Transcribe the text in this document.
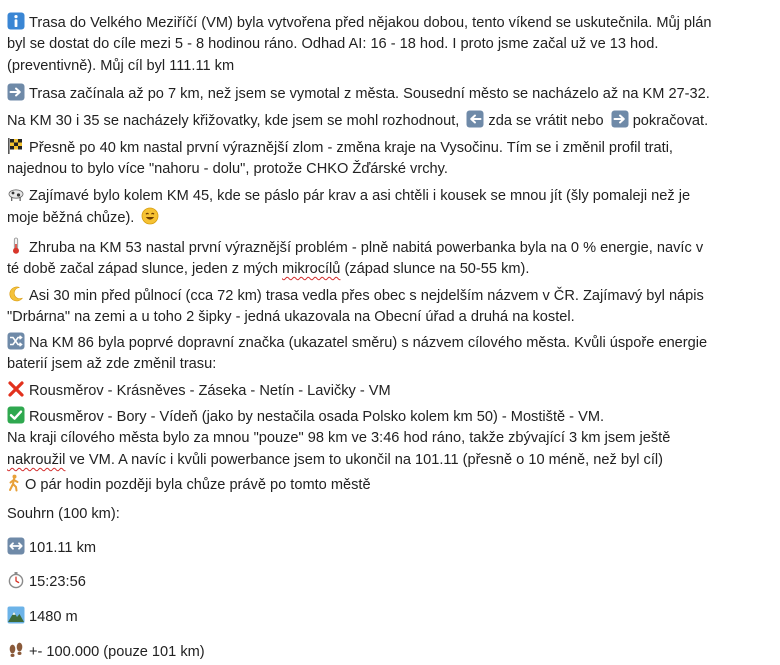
Trasa do Velkého Meziříčí (VM) byla vytvořena před nějakou dobou, tento víkend se uskutečnila. Můj plán
byl se dostat do cíle mezi 5 - 8 hodinou ráno. Odhad AI: 16 - 18 hod. I proto jsme začal už ve 13 hod.
(preventivně). Můj cíl byl 111.11 km
Trasa začínala až po 7 km, než jsem se vymotal z města. Sousední město se nacházelo až na KM 27-32.
Na KM 30 i 35 se nacházely křižovatky, kde jsem se mohl rozhodnout, zda se vrátit nebo pokračovat.
Přesně po 40 km nastal první výraznější zlom - změna kraje na Vysočinu. Tím se i změnil profil trati,
najednou to bylo více "nahoru - dolu", protože CHKO Žďárské vrchy.
Zajímavé bylo kolem KM 45, kde se páslo pár krav a asi chtěli i kousek se mnou jít (šly pomaleji než je
moje běžná chůze).
Zhruba na KM 53 nastal první výraznější problém - plně nabitá powerbanka byla na 0 % energie, navíc v
té době začal západ slunce, jeden z mých mikrocílů (západ slunce na 50-55 km).
Asi 30 min před půlnocí (cca 72 km) trasa vedla přes obec s nejdelším názvem v ČR. Zajímavý byl nápis
"Drbárna" na zemi a u toho 2 šipky - jedná ukazovala na Obecní úřad a druhá na kostel.
Na KM 86 byla poprvé dopravní značka (ukazatel směru) s názvem cílového města. Kvůli úspoře energie
baterií jsem až zde změnil trasu:
Rousměrov - Krásněves - Záseka - Netín - Lavičky - VM
Rousměrov - Bory - Vídeň (jako by nestačila osada Polsko kolem km 50) - Mostiště - VM.
Na kraji cílového města bylo za mnou "pouze" 98 km ve 3:46 hod ráno, takže zbývající 3 km jsem ještě
nakroužil ve VM. A navíc i kvůli powerbance jsem to ukončil na 101.11 (přesně o 10 méně, než byl cíl)
O pár hodin později byla chůze právě po tomto městě
Souhrn (100 km):
101.11 km
15:23:56
1480 m
+- 100.000 (pouze 101 km)
